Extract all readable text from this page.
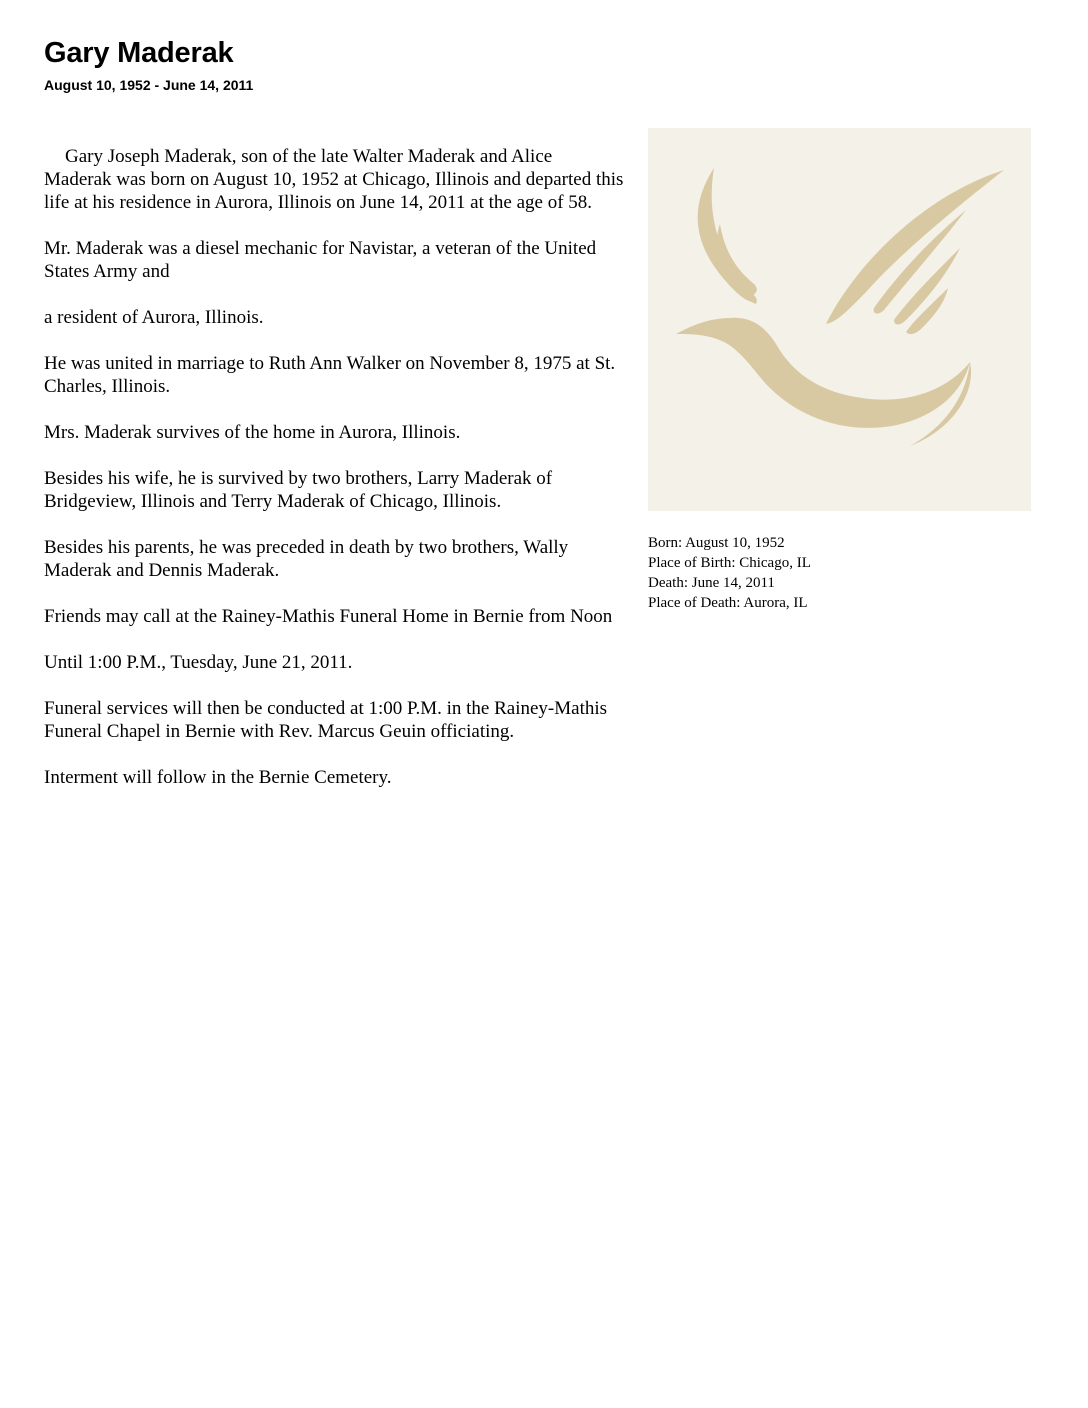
Gary Maderak
August 10, 1952 - June 14, 2011

Gary Joseph Maderak, son of the late Walter Maderak and Alice Maderak was born on August 10, 1952 at Chicago, Illinois and departed this life at his residence in Aurora, Illinois on June 14, 2011 at the age of 58.

Mr. Maderak was a diesel mechanic for Navistar, a veteran of the United States Army and

a resident of Aurora, Illinois.

He was united in marriage to Ruth Ann Walker on November 8, 1975 at St. Charles, Illinois.

Mrs. Maderak survives of the home in Aurora, Illinois.

Besides his wife, he is survived by two brothers, Larry Maderak of Bridgeview, Illinois and Terry Maderak of Chicago, Illinois.

Besides his parents, he was preceded in death by two brothers, Wally Maderak and Dennis Maderak.

Friends may call at the Rainey-Mathis Funeral Home in Bernie from Noon

Until 1:00 P.M., Tuesday, June 21, 2011.

Funeral services will then be conducted at 1:00 P.M. in the Rainey-Mathis Funeral Chapel in Bernie with Rev. Marcus Geuin officiating.

Interment will follow in the Bernie Cemetery.

Born: August 10, 1952
Place of Birth: Chicago, IL
Death: June 14, 2011
Place of Death: Aurora, IL
